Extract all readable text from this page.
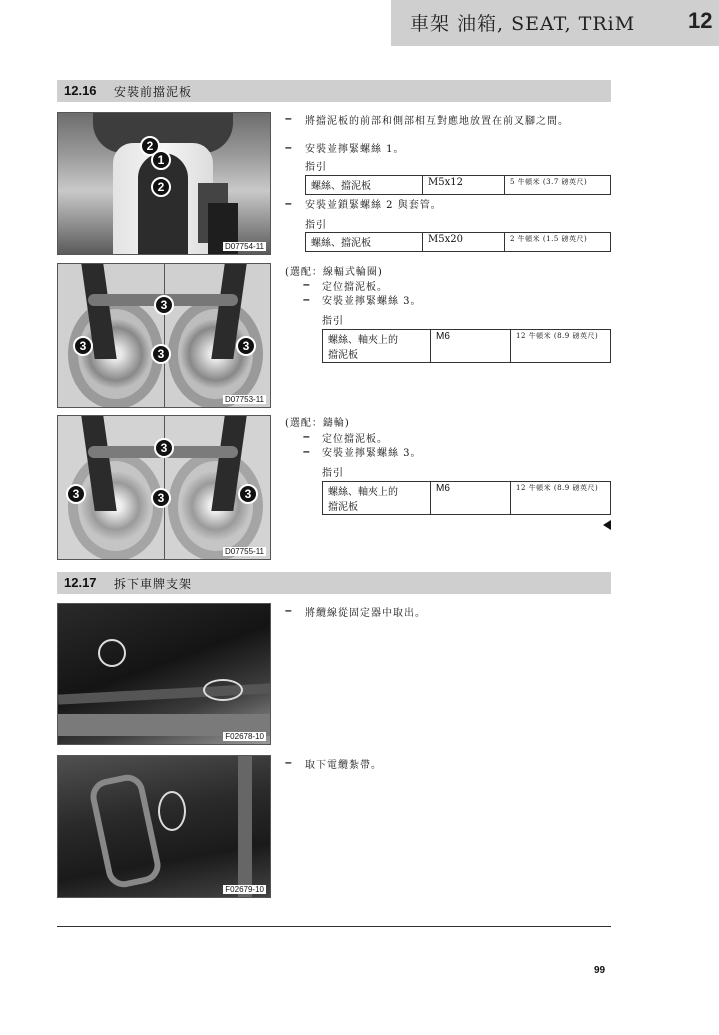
車架 油箱, SEAT, TRiM 12
12.16 安裝前擋泥板
2
1
2
D07754-11
3
3
3
3
D07753-11
3
3	3	3
D07755-11
– 將擋泥板的前部和側部相互對應地放置在前叉腳之間。
– 安裝並擰緊螺絲 1。
指引
螺絲、擋泥板	M5x12	5 牛頓米 (3.7 磅英尺)
– 安裝並鎖緊螺絲 2 與套管。
指引
螺絲、擋泥板	M5x20	2 牛頓米 (1.5 磅英尺)
(選配：線輻式輪圈)
– 定位擋泥板。
– 安裝並擰緊螺絲 3。
指引
螺絲、軸夾上的
擋泥板	M6	12 牛頓米 (8.9 磅英尺)
(選配：鑄輪)
– 定位擋泥板。
– 安裝並擰緊螺絲 3。
指引
螺絲、軸夾上的
擋泥板	M6	12 牛頓米 (8.9 磅英尺)
12.17 拆下車牌支架
F02678-10
F02679-10
– 將纜線從固定器中取出。
– 取下電纜紮帶。
99
